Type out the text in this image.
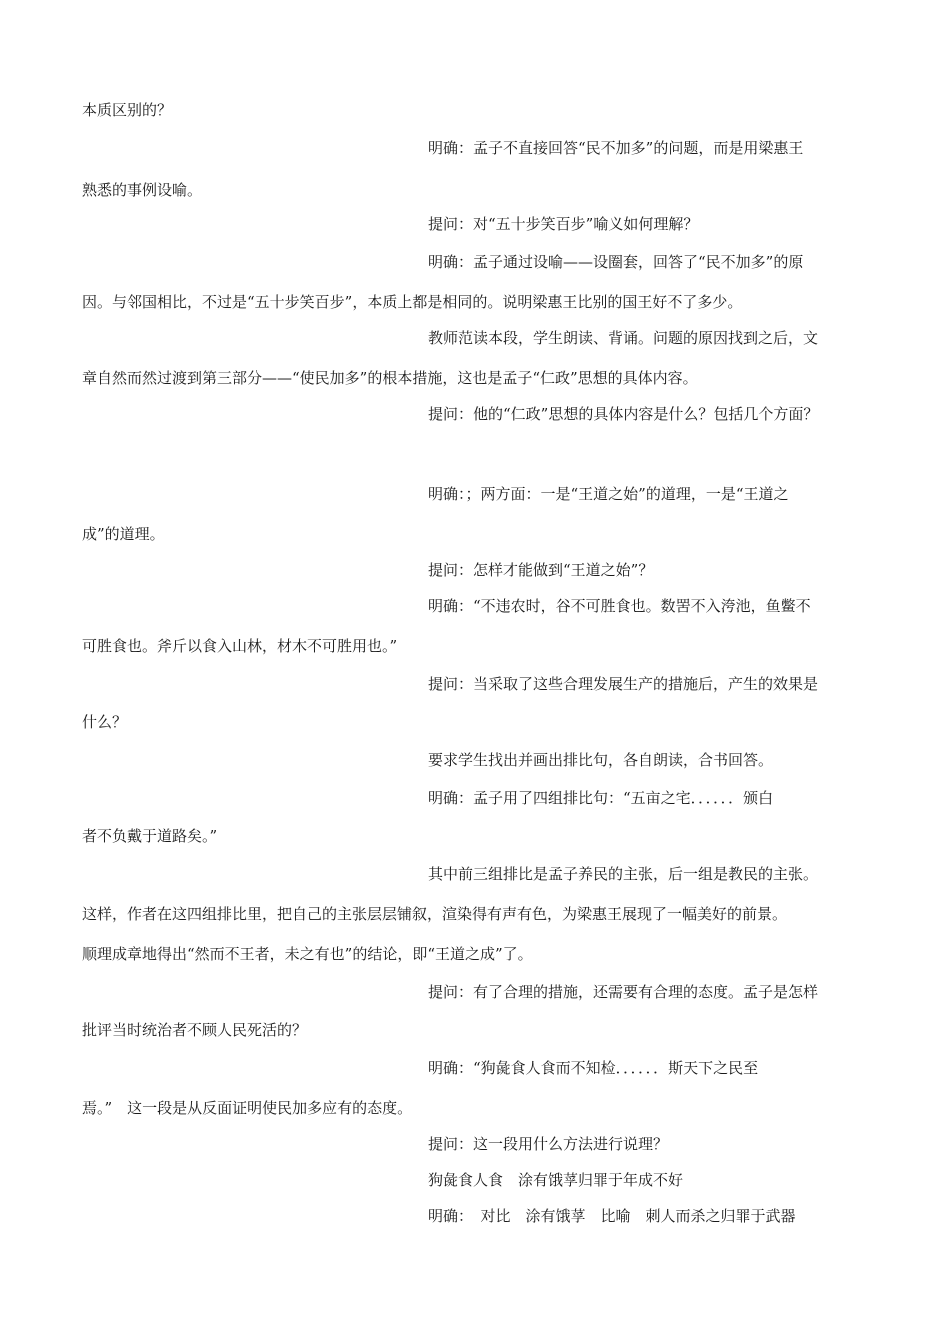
本质区别的？
明确：孟子不直接回答“民不加多”的问题，而是用梁惠王
熟悉的事例设喻。
提问：对“五十步笑百步”喻义如何理解？
明确：孟子通过设喻——设圈套，回答了“民不加多”的原
因。与邻国相比，不过是“五十步笑百步”，本质上都是相同的。说明梁惠王比别的国王好不了多少。
教师范读本段，学生朗读、背诵。问题的原因找到之后，文
章自然而然过渡到第三部分——“使民加多”的根本措施，这也是孟子“仁政”思想的具体内容。
提问：他的“仁政”思想的具体内容是什么？包括几个方面？
明确：；两方面：一是“王道之始”的道理，一是“王道之
成”的道理。
提问：怎样才能做到“王道之始”？
明确：“不违农时，谷不可胜食也。数罟不入洿池，鱼鳖不
可胜食也。斧斤以食入山林，材木不可胜用也。”
提问：当采取了这些合理发展生产的措施后，产生的效果是
什么？
要求学生找出并画出排比句，各自朗读，合书回答。
明确：孟子用了四组排比句：“五亩之宅．．．．．．颁白
者不负戴于道路矣。”
其中前三组排比是孟子养民的主张，后一组是教民的主张。
这样，作者在这四组排比里，把自己的主张层层铺叙，渲染得有声有色，为梁惠王展现了一幅美好的前景。
顺理成章地得出“然而不王者，未之有也”的结论，即“王道之成”了。
提问：有了合理的措施，还需要有合理的态度。孟子是怎样
批评当时统治者不顾人民死活的？
明确：“狗彘食人食而不知检．．．．．．斯天下之民至
焉。”　这一段是从反面证明使民加多应有的态度。
提问：这一段用什么方法进行说理？
狗彘食人食　涂有饿莩归罪于年成不好
明确：　对比　涂有饿莩　比喻　刺人而杀之归罪于武器
